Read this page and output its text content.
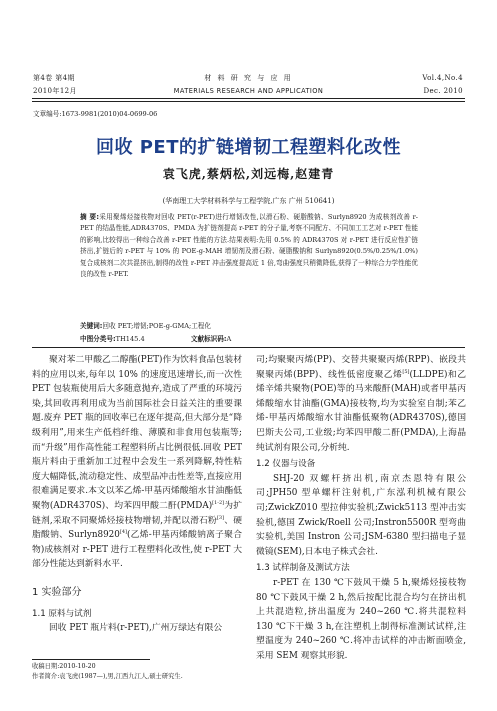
第4卷 第4期
2010年12月
材 料 研 究 与 应 用
MATERIALS RESEARCH AND APPLICATION
Vol.4,No.4
Dec. 2010
文章编号:1673-9981(2010)04-0699-06
回收 PET的扩链增韧工程塑料化改性
袁飞虎,蔡炳松,刘远梅,赵建青
(华南理工大学材料科学与工程学院,广东 广州 510641)
摘 要:采用聚烯烃接枝物对回收 PET(r-PET)进行增韧改性,以滑石粉、硬脂酸钠、Surlyn8920 为成核剂改善 r-PET 的结晶性能,ADR4370S、PMDA 为扩链剂提高 r-PET 的分子量,考察不同配方、不同加工工艺对 r-PET 性能的影响,比较得出一种综合改善 r-PET 性能的方法.结果表明:先用 0.5% 的 ADR4370S 对 r-PET 进行反应性扩链挤出,扩链后的 r-PET 与 10% 的 POE-g-MAH 增韧剂及滑石粉、硬脂酸钠和 Surlyn8920(0.5%/0.25%/1.0%)复合成核剂二次共混挤出,制得的改性 r-PET 冲击强度提高近 1 倍,弯曲强度只稍微降低,获得了一种综合力学性能优良的改性 r-PET.
关键词:回收 PET;增韧;POE-g-GMA;工程化
中图分类号:TH145.4	文献标识码:A

聚对苯二甲酸乙二醇酯(PET)作为饮料食品包装材料的应用以来,每年以 10% 的速度迅速增长,而一次性 PET 包装瓶使用后大多随意抛弃,造成了严重的环境污染,其回收再利用成为当前国际社会日益关注的重要课题.废弃 PET 瓶的回收率已在逐年提高,但大部分是“降级利用”,用来生产低档纤维、薄膜和非食用包装瓶等;而“升级”用作高性能工程塑料所占比例很低.回收 PET 瓶片料由于重新加工过程中会发生一系列降解,特性粘度大幅降低,流动稳定性、成型品冲击性差等,直接应用很难满足要求.本文以苯乙烯-甲基丙烯酸缩水甘油酯低聚物(ADR4370S)、均苯四甲酸二酐(PMDA)[1-2]为扩链剂,采取不同聚烯烃接枝物增韧,并配以滑石粉[3]、硬脂酸钠、Surlyn8920[4](乙烯-甲基丙烯酸钠离子聚合物)成核剂对 r-PET 进行工程塑料化改性,使 r-PET 大部分性能达到新料水平.

1 实验部分
1.1 原料与试剂

回收 PET 瓶片料(r-PET),广州万绿达有限公

司;均聚聚丙烯(PP)、交替共聚聚丙烯(RPP)、嵌段共聚聚丙烯(BPP)、线性低密度聚乙烯[5](LLDPE)和乙烯辛烯共聚物(POE)等的马来酸酐(MAH)或者甲基丙烯酸缩水甘油酯(GMA)接枝物,均为实验室自制;苯乙烯-甲基丙烯酸缩水甘油酯低聚物(ADR4370S),德国巴斯夫公司,工业级;均苯四甲酸二酐(PMDA),上海晶纯试剂有限公司,分析纯.

1.2 仪器与设备

SHJ-20 双螺杆挤出机,南京杰恩特有限公司;JPH50 型单螺杆注射机,广东泓利机械有限公司;ZwickZ010 型拉伸实验机;Zwick5113 型冲击实验机,德国 Zwick/Roell 公司;Instron5500R 型弯曲实验机,美国 Instron 公司;JSM-6380 型扫描电子显微镜(SEM),日本电子株式会社.

1.3 试样制备及测试方法

r-PET 在 130 ℃下鼓风干燥 5 h,聚烯烃接枝物 80 ℃下鼓风干燥 2 h,然后按配比混合均匀在挤出机上共混造粒,挤出温度为 240~260 ℃.将共混粒料 130 ℃下干燥 3 h,在注塑机上制得标准测试试样,注塑温度为 240~260 ℃.将冲击试样的冲击断面喷金,采用 SEM 观察其形貌.

收稿日期:2010-10-20
作者简介:袁飞虎(1987—),男,江西九江人,硕士研究生.
